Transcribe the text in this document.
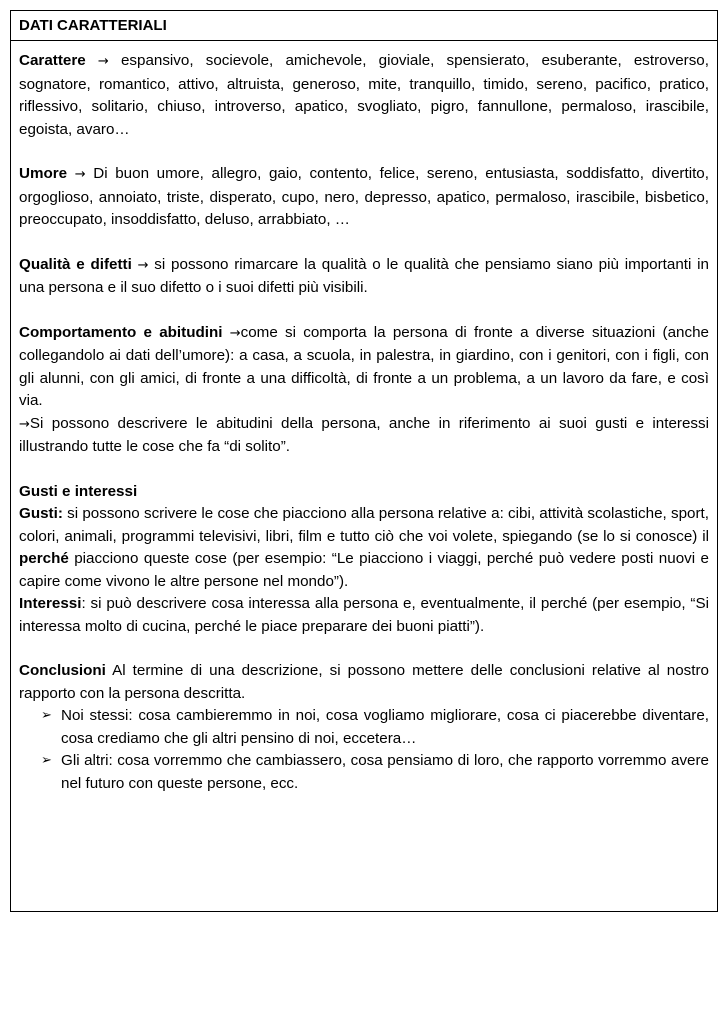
DATI CARATTERIALI

Carattere → espansivo, socievole, amichevole, gioviale, spensierato, esuberante, estroverso, sognatore, romantico, attivo, altruista, generoso, mite, tranquillo, timido, sereno, pacifico, pratico, riflessivo, solitario, chiuso, introverso, apatico, svogliato, pigro, fannullone, permaloso, irascibile, egoista, avaro…

Umore → Di buon umore, allegro, gaio, contento, felice, sereno, entusiasta, soddisfatto, divertito, orgoglioso, annoiato, triste, disperato, cupo, nero, depresso, apatico, permaloso, irascibile, bisbetico, preoccupato, insoddisfatto, deluso, arrabbiato, …

Qualità e difetti → si possono rimarcare la qualità o le qualità che pensiamo siano più importanti in una persona e il suo difetto o i suoi difetti più visibili.

Comportamento e abitudini →come si comporta la persona di fronte a diverse situazioni (anche collegandolo ai dati dell’umore): a casa, a scuola, in palestra, in giardino, con i genitori, con i figli, con gli alunni, con gli amici, di fronte a una difficoltà, di fronte a un problema, a un lavoro da fare, e così via.

→Si possono descrivere le abitudini della persona, anche in riferimento ai suoi gusti e interessi illustrando tutte le cose che fa “di solito”.

Gusti e interessi

Gusti: si possono scrivere le cose che piacciono alla persona relative a: cibi, attività scolastiche, sport, colori, animali, programmi televisivi, libri, film e tutto ciò che voi volete, spiegando (se lo si conosce) il perché piacciono queste cose (per esempio: “Le piacciono i viaggi, perché può vedere posti nuovi e capire come vivono le altre persone nel mondo”).

Interessi: si può descrivere cosa interessa alla persona e, eventualmente, il perché (per esempio, “Si interessa molto di cucina, perché le piace preparare dei buoni piatti”).

Conclusioni Al termine di una descrizione, si possono mettere delle conclusioni relative al nostro rapporto con la persona descritta.

➢ Noi stessi: cosa cambieremmo in noi, cosa vogliamo migliorare, cosa ci piacerebbe diventare, cosa crediamo che gli altri pensino di noi, eccetera…
➢ Gli altri: cosa vorremmo che cambiassero, cosa pensiamo di loro, che rapporto vorremmo avere nel futuro con queste persone, ecc.
